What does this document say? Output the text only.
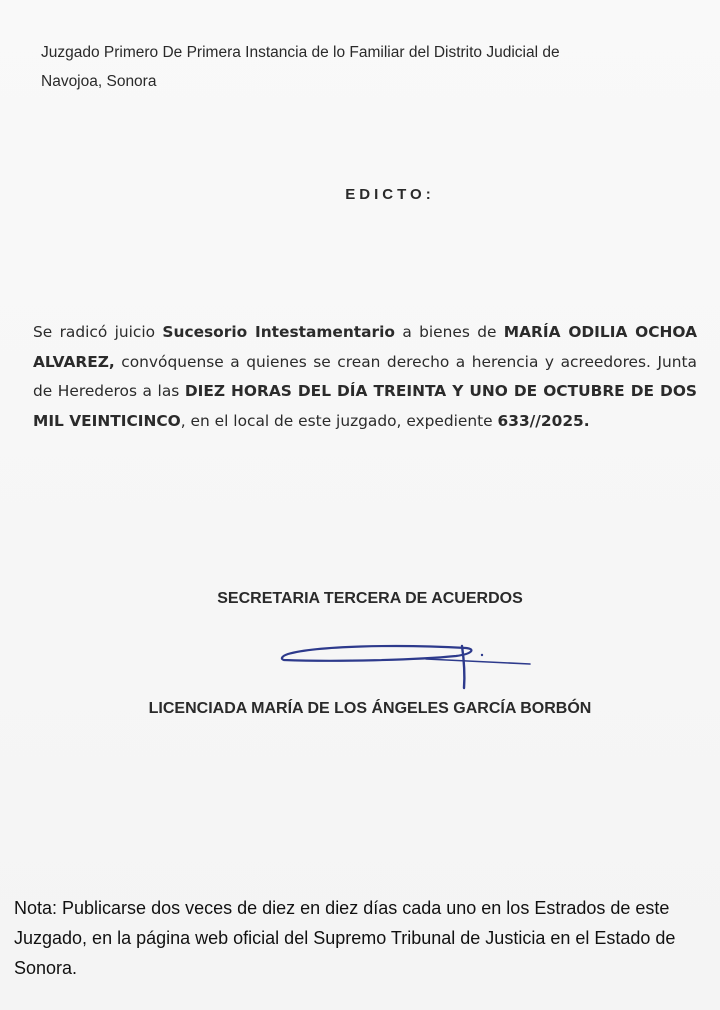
Juzgado Primero De Primera Instancia de lo Familiar del Distrito Judicial de
Navojoa, Sonora
EDICTO:
Se radicó juicio Sucesorio Intestamentario a bienes de MARÍA ODILIA OCHOA ALVAREZ, convóquense a quienes se crean derecho a herencia y acreedores. Junta de Herederos a las DIEZ HORAS DEL DÍA TREINTA Y UNO DE OCTUBRE DE DOS MIL VEINTICINCO, en el local de este juzgado, expediente 633//2025.
SECRETARIA TERCERA DE ACUERDOS
LICENCIADA MARÍA DE LOS ÁNGELES GARCÍA BORBÓN
Nota: Publicarse dos veces de diez en diez días cada uno en los Estrados de este
Juzgado, en la página web oficial del Supremo Tribunal de Justicia en el Estado de
Sonora.
